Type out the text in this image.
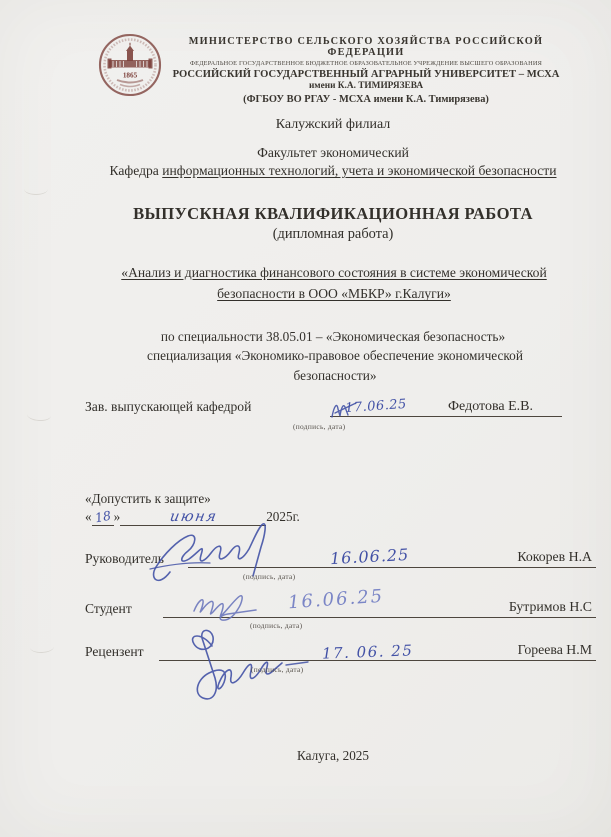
1865
МИНИСТЕРСТВО СЕЛЬСКОГО ХОЗЯЙСТВА РОССИЙСКОЙ ФЕДЕРАЦИИ
ФЕДЕРАЛЬНОЕ ГОСУДАРСТВЕННОЕ БЮДЖЕТНОЕ ОБРАЗОВАТЕЛЬНОЕ УЧРЕЖДЕНИЕ ВЫСШЕГО ОБРАЗОВАНИЯ
РОССИЙСКИЙ ГОСУДАРСТВЕННЫЙ АГРАРНЫЙ УНИВЕРСИТЕТ – МСХА
имени К.А. ТИМИРЯЗЕВА
(ФГБОУ ВО РГАУ - МСХА имени К.А. Тимирязева)
Калужский филиал
Факультет экономический
Кафедра информационных технологий, учета и экономической безопасности
ВЫПУСКНАЯ КВАЛИФИКАЦИОННАЯ РАБОТА
(дипломная работа)
«Анализ и диагностика финансового состояния в системе экономической безопасности в ООО «МБКР» г.Калуги»
по специальности 38.05.01 – «Экономическая безопасность»
специализация «Экономико-правовое обеспечение экономической безопасности»
Зав. выпускающей кафедрой	Федотова Е.В.
17.06.25
(подпись, дата)
«Допустить к защите»
« 18 »	июня	2025г.
Руководитель	Кокорев Н.А
16.06.25
(подпись, дата)
Студент	Бутримов Н.С
16.06.25
(подпись, дата)
Рецензент	Гореева Н.М
17. 06. 25
(подпись, дата)
Калуга, 2025
